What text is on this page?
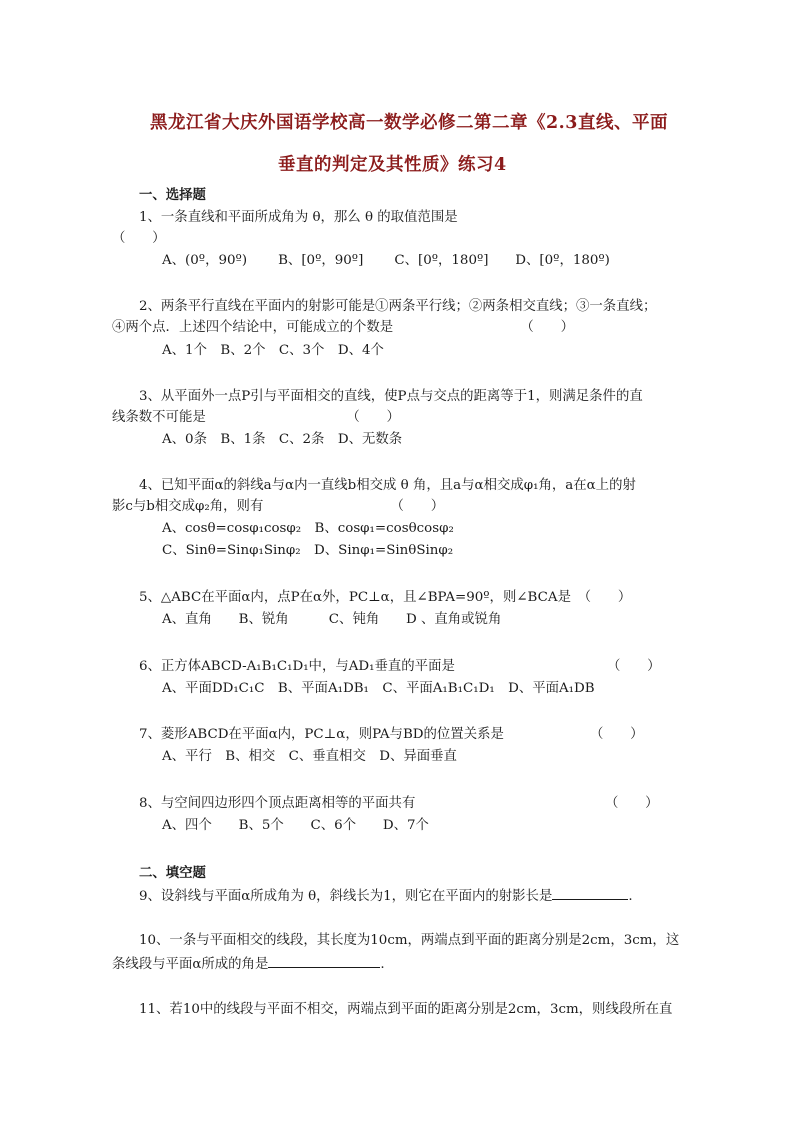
黑龙江省大庆外国语学校高一数学必修二第二章《2.3直线、平面
垂直的判定及其性质》练习4
一、选择题
1、一条直线和平面所成角为 θ，那么 θ 的取值范围是
（　　）
A、(0º，90º)　　 B、[0º，90º]　　 C、[0º，180º]　　D、[0º，180º)
2、两条平行直线在平面内的射影可能是①两条平行线；②两条相交直线；③一条直线；
④两个点．上述四个结论中，可能成立的个数是　　　　　　　　　　（　　）
A、1个　B、2个　C、3个　D、4个
3、从平面外一点P引与平面相交的直线，使P点与交点的距离等于1，则满足条件的直
线条数不可能是　　　　　　　　　　　（　　）
A、0条　B、1条　C、2条　D、无数条
4、已知平面α的斜线a与α内一直线b相交成 θ 角，且a与α相交成φ₁角，a在α上的射
影c与b相交成φ₂角，则有　　　　　　　　　　（　　）
A、cosθ=cosφ₁cosφ₂　B、cosφ₁=cosθcosφ₂
C、Sinθ=Sinφ₁Sinφ₂　D、Sinφ₁=SinθSinφ₂
5、△ABC在平面α内，点P在α外，PC⊥α，且∠BPA=90º，则∠BCA是　（　　）
A、直角　　B、锐角　　　C、钝角　　D 、直角或锐角
6、正方体ABCD-A₁B₁C₁D₁中，与AD₁垂直的平面是	（　　）
A、平面DD₁C₁C　B、平面A₁DB₁　C、平面A₁B₁C₁D₁　D、平面A₁DB
7、菱形ABCD在平面α内，PC⊥α，则PA与BD的位置关系是	（　　）
A、平行　B、相交　C、垂直相交　D、异面垂直
8、与空间四边形四个顶点距离相等的平面共有	（　　）
A、四个　　B、5个　　C、6个　　D、7个
二、填空题
9、设斜线与平面α所成角为 θ，斜线长为1，则它在平面内的射影长是	.
10、一条与平面相交的线段，其长度为10cm，两端点到平面的距离分别是2cm，3cm，这
条线段与平面α所成的角是	.
11、若10中的线段与平面不相交，两端点到平面的距离分别是2cm，3cm，则线段所在直
